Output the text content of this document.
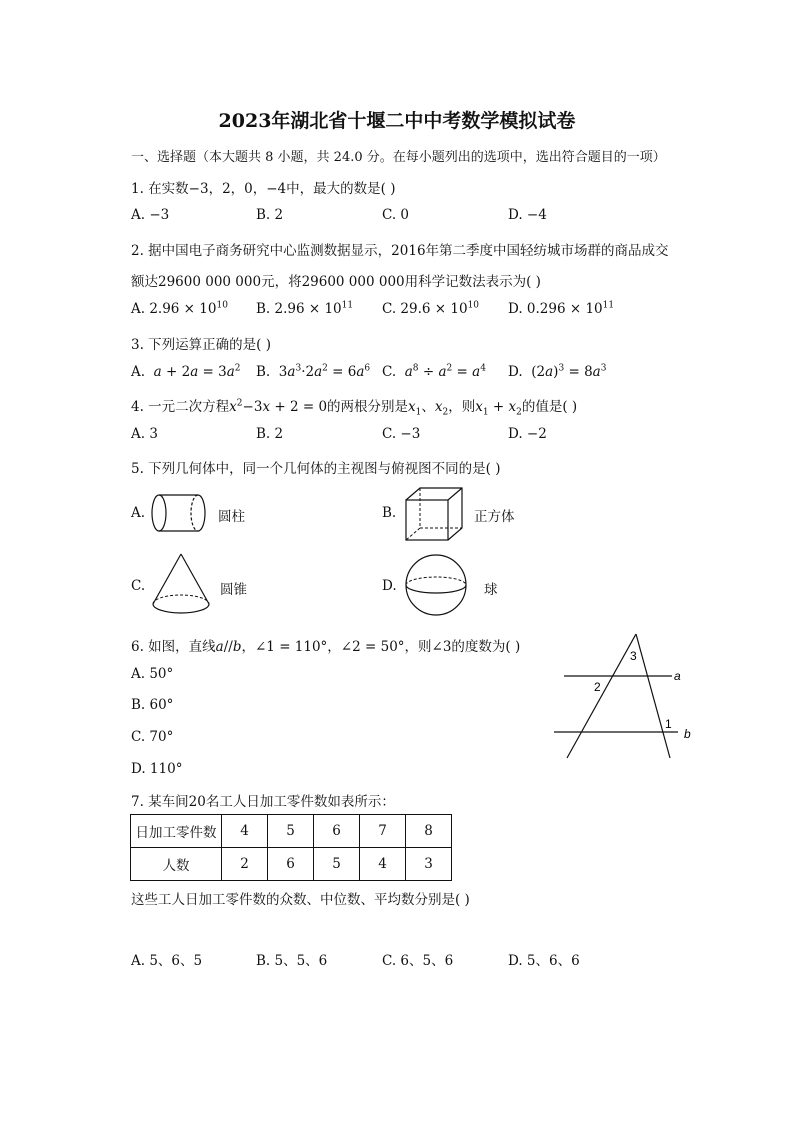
2023年湖北省十堰二中中考数学模拟试卷
一、选择题（本大题共 8 小题，共 24.0 分。在每小题列出的选项中，选出符合题目的一项）
1. 在实数−3，2，0，−4中，最大的数是( )
A. −3	B. 2	C. 0	D. −4
2. 据中国电子商务研究中心监测数据显示，2016年第二季度中国轻纺城市场群的商品成交
额达29600 000 000元，将29600 000 000用科学记数法表示为( )
A. $2.96 \times 10^{10}$ B. $2.96 \times 10^{11}$ C. $29.6 \times 10^{10}$ D. $0.296 \times 10^{11}$
3. 下列运算正确的是( )
A. $a + 2a = 3a^2$ B.  $3a^3\cdot 2a^2 = 6a^6$ C. $a^8 \div a^2 = a^4$ D.  $(2a)^3 = 8a^3$
4. 一元二次方程$x^2-3x + 2 = 0$的两根分别是$x_1$、$x_2$，则$x_1 + x_2$的值是( )
A. 3	B. 2	C. −3	D. −2
5. 下列几何体中，同一个几何体的主视图与俯视图不同的是( )
A.	圆柱	B.	正方体
C.	圆锥	D.	球
6. 如图，直线a//b，∠1 = 110°，∠2 = 50°，则∠3的度数为( )
A. 50°
B. 60°
C. 70°
D. 110°
3
2
1
a
b
7. 某车间20名工人日加工零件数如表所示：
日加工零件数	4	5	6	7	8
人数	2	6	5	4	3
这些工人日加工零件数的众数、中位数、平均数分别是( )
A. 5、6、5	B. 5、5、6	C. 6、5、6	D. 5、6、6
